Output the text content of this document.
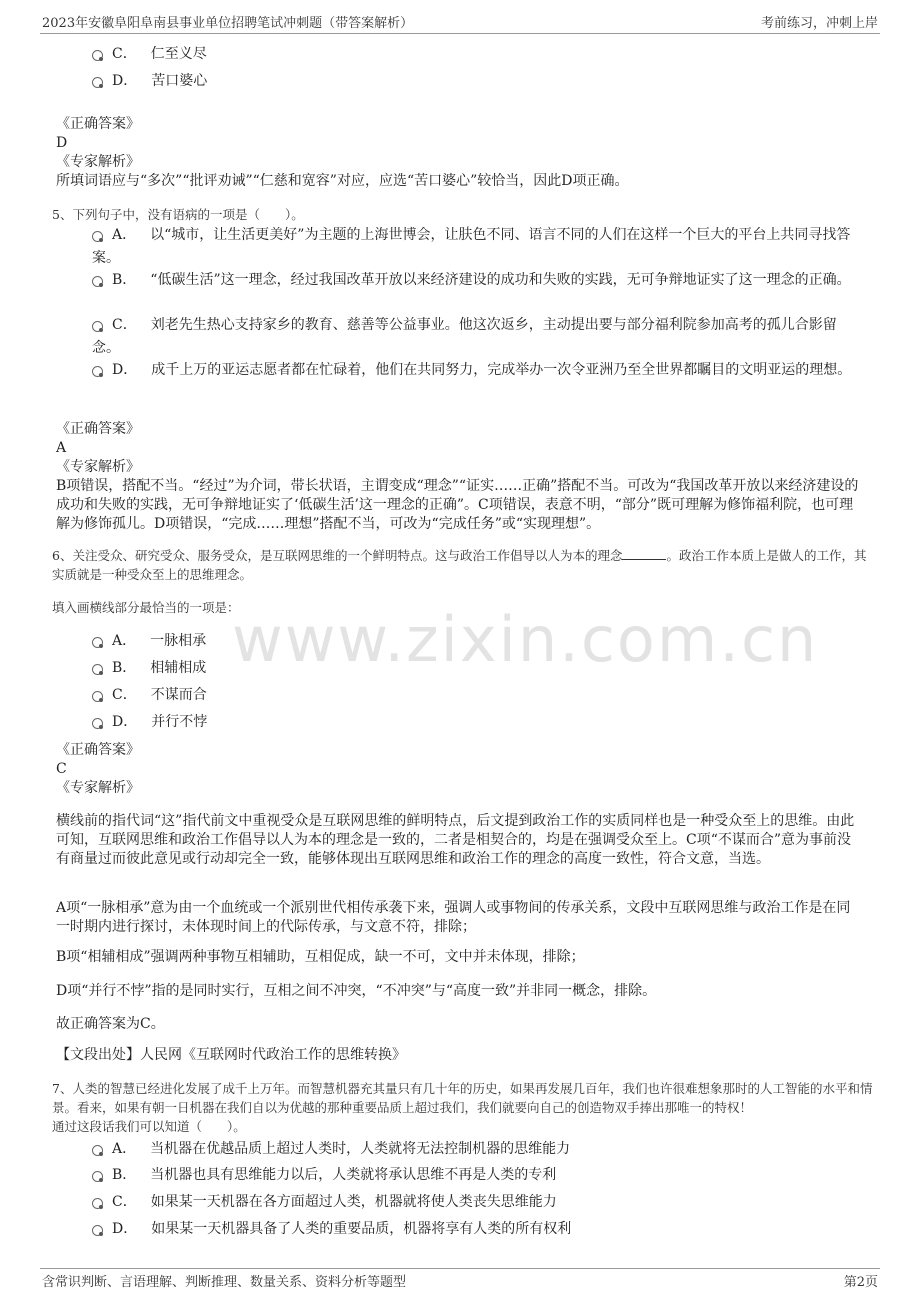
2023年安徽阜阳阜南县事业单位招聘笔试冲刺题（带答案解析）	考前练习，冲刺上岸
www.zixin.com.cn
C． 仁至义尽
D． 苦口婆心
《正确答案》
D
《专家解析》
所填词语应与“多次”“批评劝诫”“仁慈和宽容”对应，应选“苦口婆心”较恰当，因此D项正确。
5、下列句子中，没有语病的一项是（　　）。
A． 以“城市，让生活更美好”为主题的上海世博会，让肤色不同、语言不同的人们在这样一个巨大的平台上共同寻找答案。
B． “低碳生活”这一理念，经过我国改革开放以来经济建设的成功和失败的实践，无可争辩地证实了这一理念的正确。
C． 刘老先生热心支持家乡的教育、慈善等公益事业。他这次返乡，主动提出要与部分福利院参加高考的孤儿合影留念。
D． 成千上万的亚运志愿者都在忙碌着，他们在共同努力，完成举办一次令亚洲乃至全世界都瞩目的文明亚运的理想。
《正确答案》
A
《专家解析》
B项错误，搭配不当。“经过”为介词，带长状语，主谓变成“理念”“证实……正确”搭配不当。可改为“我国改革开放以来经济建设的成功和失败的实践，无可争辩地证实了‘低碳生活’这一理念的正确”。C项错误，表意不明，“部分”既可理解为修饰福利院，也可理解为修饰孤儿。D项错误，“完成……理想”搭配不当，可改为“完成任务”或“实现理想”。
6、关注受众、研究受众、服务受众，是互联网思维的一个鲜明特点。这与政治工作倡导以人为本的理念	。政治工作本质上是做人的工作，其实质就是一种受众至上的思维理念。
填入画横线部分最恰当的一项是：
A． 一脉相承
B． 相辅相成
C． 不谋而合
D． 并行不悖
《正确答案》
C
《专家解析》
横线前的指代词“这”指代前文中重视受众是互联网思维的鲜明特点，后文提到政治工作的实质同样也是一种受众至上的思维。由此可知，互联网思维和政治工作倡导以人为本的理念是一致的，二者是相契合的，均是在强调受众至上。C项“不谋而合”意为事前没有商量过而彼此意见或行动却完全一致，能够体现出互联网思维和政治工作的理念的高度一致性，符合文意，当选。
A项“一脉相承”意为由一个血统或一个派别世代相传承袭下来，强调人或事物间的传承关系，文段中互联网思维与政治工作是在同一时期内进行探讨，未体现时间上的代际传承，与文意不符，排除；
B项“相辅相成”强调两种事物互相辅助，互相促成，缺一不可，文中并未体现，排除；
D项“并行不悖”指的是同时实行，互相之间不冲突，“不冲突”与“高度一致”并非同一概念，排除。
故正确答案为C。
【文段出处】人民网《互联网时代政治工作的思维转换》
7、人类的智慧已经进化发展了成千上万年。而智慧机器充其量只有几十年的历史，如果再发展几百年，我们也许很难想象那时的人工智能的水平和情景。看来，如果有朝一日机器在我们自以为优越的那种重要品质上超过我们，我们就要向自己的创造物双手捧出那唯一的特权！
通过这段话我们可以知道（　　）。
A． 当机器在优越品质上超过人类时，人类就将无法控制机器的思维能力
B． 当机器也具有思维能力以后，人类就将承认思维不再是人类的专利
C． 如果某一天机器在各方面超过人类，机器就将使人类丧失思维能力
D． 如果某一天机器具备了人类的重要品质，机器将享有人类的所有权利
含常识判断、言语理解、判断推理、数量关系、资料分析等题型	第2页
